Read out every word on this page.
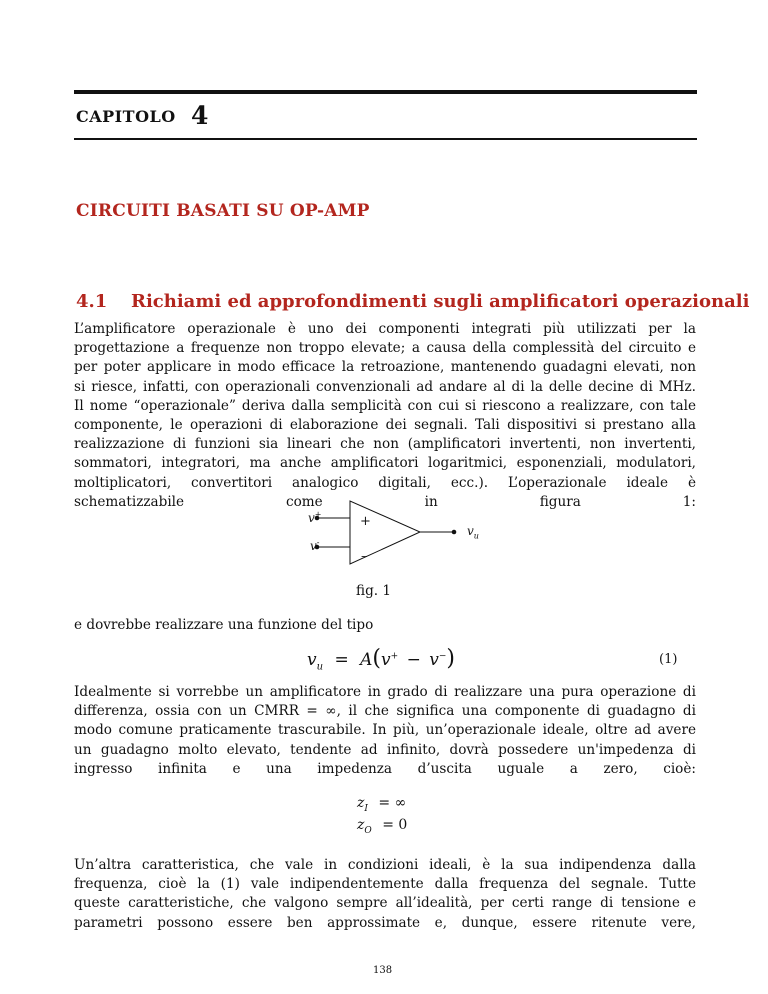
CAPITOLO 4
CIRCUITI BASATI SU OP-AMP
4.1 Richiami ed approfondimenti sugli amplificatori operazionali
L’amplificatore operazionale è uno dei componenti integrati più utilizzati per la
progettazione a frequenze non troppo elevate; a causa della complessità del circuito e
per poter applicare in modo efficace la retroazione, mantenendo guadagni elevati, non
si riesce, infatti, con operazionali convenzionali ad andare al di la delle decine di MHz.
Il nome “operazionale” deriva dalla semplicità con cui si riescono a realizzare, con tale
componente, le operazioni di elaborazione dei segnali. Tali dispositivi si prestano alla
realizzazione di funzioni sia lineari che non (amplificatori invertenti, non invertenti,
sommatori, integratori, ma anche amplificatori logaritmici, esponenziali, modulatori,
moltiplicatori, convertitori analogico digitali, ecc.). L’operazionale ideale è
schematizzabile come in figura 1:
+
–
v+
v-
$v_u$
fig. 1
e dovrebbe realizzare una funzione del tipo
$v_u = A(v^+ - v^-)$	(1)
Idealmente si vorrebbe un amplificatore in grado di realizzare una pura operazione di
differenza, ossia con un CMRR = ∞, il che significa una componente di guadagno di
modo comune praticamente trascurabile. In più, un’operazionale ideale, oltre ad avere
un guadagno molto elevato, tendente ad infinito, dovrà possedere un'impedenza di
ingresso infinita e una impedenza d’uscita uguale a zero, cioè:
$z_I$ = ∞
$z_O = 0$
Un’altra caratteristica, che vale in condizioni ideali, è la sua indipendenza dalla
frequenza, cioè la (1) vale indipendentemente dalla frequenza del segnale. Tutte
queste caratteristiche, che valgono sempre all’idealità, per certi range di tensione e
parametri possono essere ben approssimate e, dunque, essere ritenute vere,
138
